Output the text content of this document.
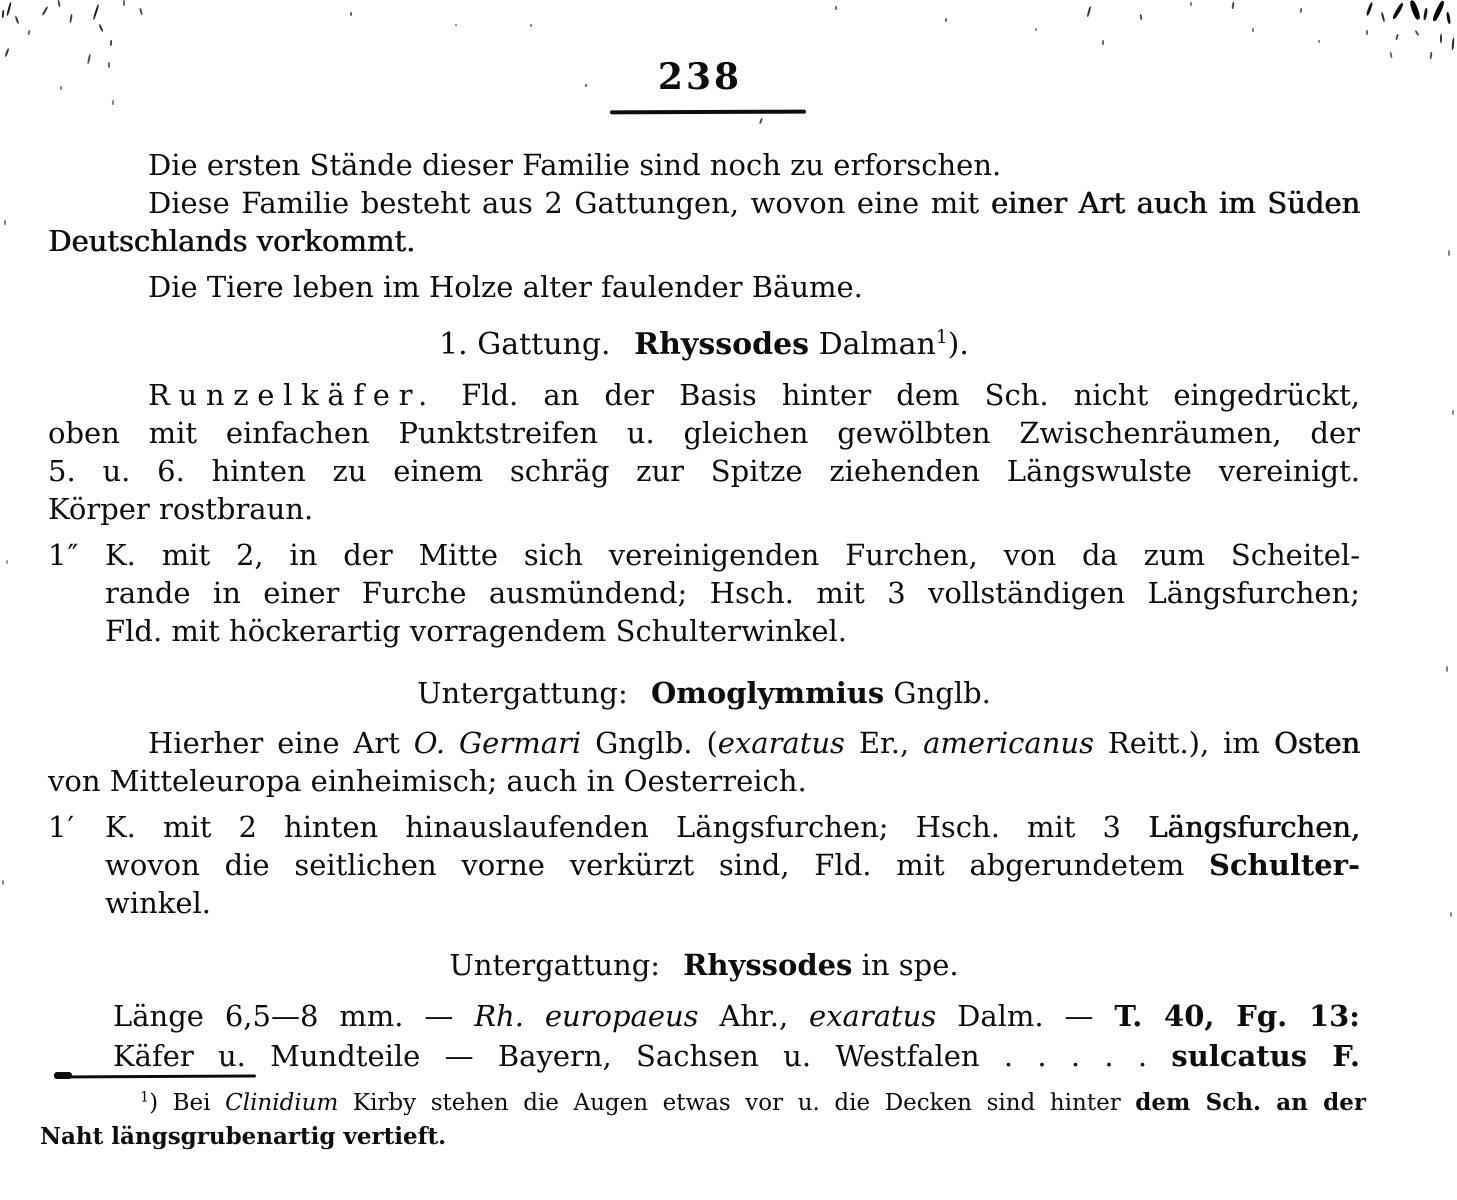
238
Die ersten Stände dieser Familie sind noch zu erforschen.
Diese Familie besteht aus 2 Gattungen, wovon eine mit einer Art auch im Süden
Deutschlands vorkommt.
Die Tiere leben im Holze alter faulender Bäume.
1. Gattung. Rhyssodes Dalman$^1$).
Runzelkäfer. Fld. an der Basis hinter dem Sch. nicht eingedrückt,
oben mit einfachen Punktstreifen u. gleichen gewölbten Zwischenräumen, der
5. u. 6. hinten zu einem schräg zur Spitze ziehenden Längswulste vereinigt.
Körper rostbraun.
1″ K. mit 2, in der Mitte sich vereinigenden Furchen, von da zum Scheitel-
rande in einer Furche ausmündend; Hsch. mit 3 vollständigen Längsfurchen;
Fld. mit höckerartig vorragendem Schulterwinkel.
Untergattung: Omoglymmius Gnglb.
Hierher eine Art O. Germari Gnglb. (exaratus Er., americanus Reitt.), im Osten
von Mitteleuropa einheimisch; auch in Oesterreich.
1′ K. mit 2 hinten hinauslaufenden Längsfurchen; Hsch. mit 3 Längsfurchen,
wovon die seitlichen vorne verkürzt sind, Fld. mit abgerundetem Schulter-
winkel.
Untergattung: Rhyssodes in spe.
Länge 6,5—8 mm. — Rh. europaeus Ahr., exaratus Dalm. — T. 40, Fg. 13:
Käfer u. Mundteile — Bayern, Sachsen u. Westfalen . . . . . sulcatus F.
$^1$) Bei Clinidium Kirby stehen die Augen etwas vor u. die Decken sind hinter dem Sch. an der
Naht längsgrubenartig vertieft.
